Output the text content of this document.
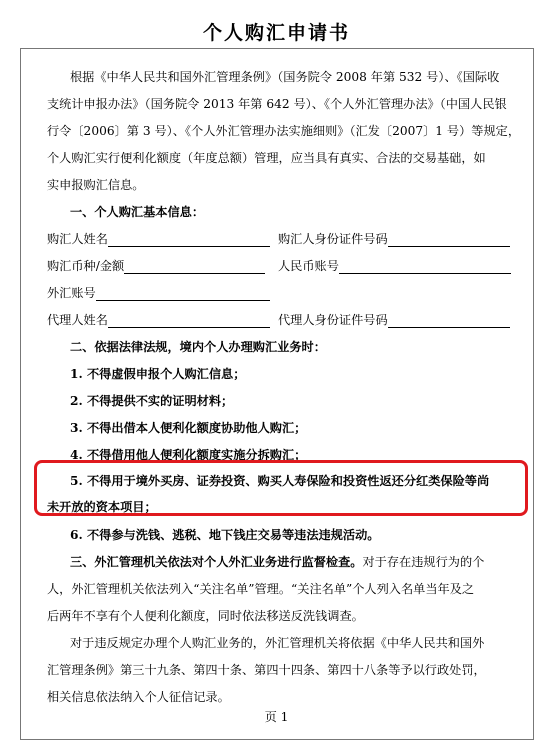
个人购汇申请书
根据《中华人民共和国外汇管理条例》（国务院令 2008 年第 532 号）、《国际收
支统计申报办法》（国务院令 2013 年第 642 号）、《个人外汇管理办法》（中国人民银
行令〔2006〕第 3 号）、《个人外汇管理办法实施细则》（汇发〔2007〕1 号）等规定，
个人购汇实行便利化额度（年度总额）管理，应当具有真实、合法的交易基础，如
实申报购汇信息。
一、个人购汇基本信息：
购汇人姓名	购汇人身份证件号码
购汇币种/金额	人民币账号
外汇账号
代理人姓名	代理人身份证件号码
二、依据法律法规，境内个人办理购汇业务时：
1. 不得虚假申报个人购汇信息；
2. 不得提供不实的证明材料；
3. 不得出借本人便利化额度协助他人购汇；
4. 不得借用他人便利化额度实施分拆购汇；
5. 不得用于境外买房、证券投资、购买人寿保险和投资性返还分红类保险等尚
未开放的资本项目；
6. 不得参与洗钱、逃税、地下钱庄交易等违法违规活动。
三、外汇管理机关依法对个人外汇业务进行监督检查。对于存在违规行为的个
人，外汇管理机关依法列入“关注名单”管理。“关注名单”个人列入名单当年及之
后两年不享有个人便利化额度，同时依法移送反洗钱调查。
对于违反规定办理个人购汇业务的，外汇管理机关将依据《中华人民共和国外
汇管理条例》第三十九条、第四十条、第四十四条、第四十八条等予以行政处罚，
相关信息依法纳入个人征信记录。
页 1
